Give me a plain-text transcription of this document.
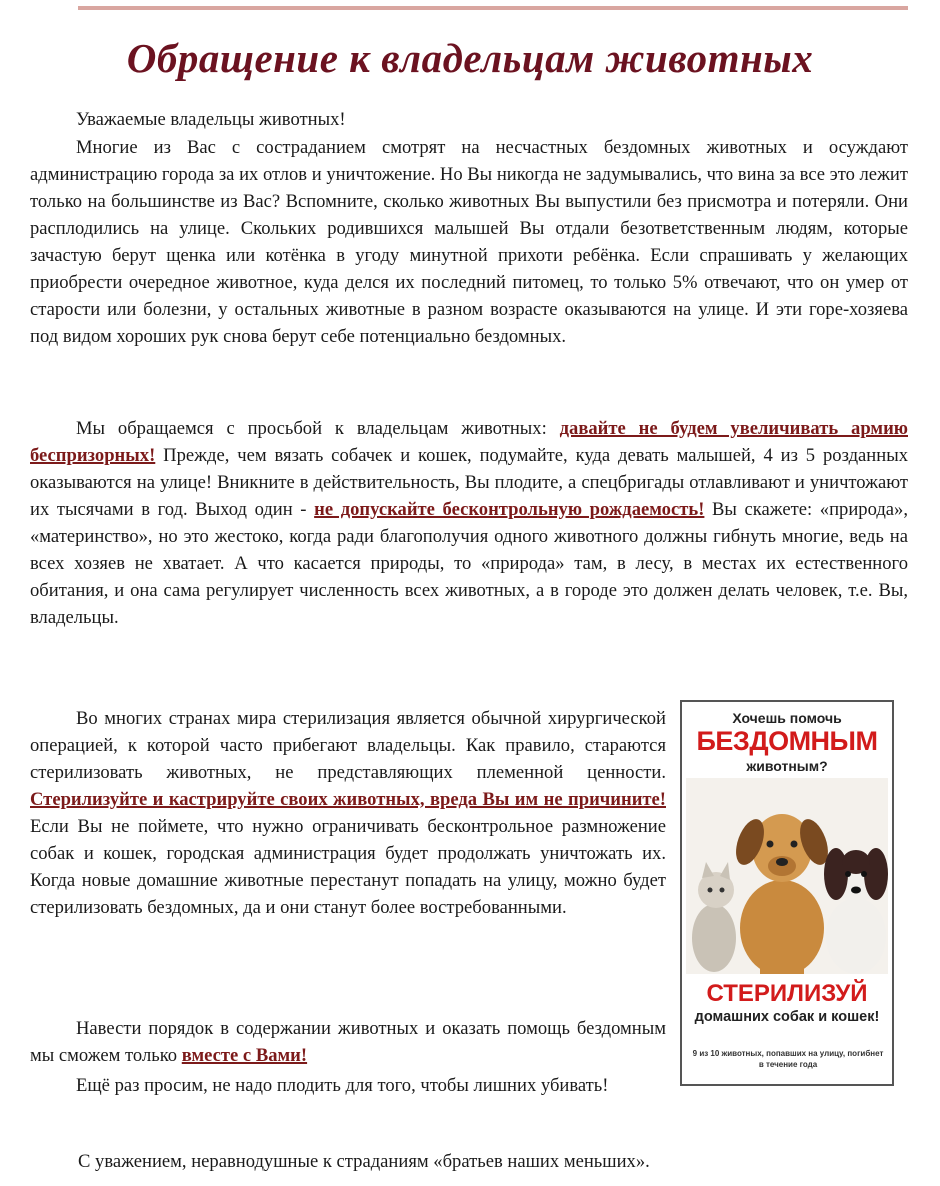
Обращение к владельцам животных

Уважаемые владельцы животных!

Многие из Вас с состраданием смотрят на несчастных бездомных животных и осуждают администрацию города за их отлов и уничтожение. Но Вы никогда не задумывались, что вина за все это лежит только на большинстве из Вас? Вспомните, сколько животных Вы выпустили без присмотра и потеряли. Они расплодились на улице. Скольких родившихся малышей Вы отдали безответственным людям, которые зачастую берут щенка или котёнка в угоду минутной прихоти ребёнка. Если спрашивать у желающих приобрести очередное животное, куда делся их последний питомец, то только 5% отвечают, что он умер от старости или болезни, у остальных животные в разном возрасте оказываются на улице. И эти горе-хозяева под видом хороших рук снова берут себе потенциально бездомных.

Мы обращаемся с просьбой к владельцам животных: давайте не будем увеличивать армию беспризорных! Прежде, чем вязать собачек и кошек, подумайте, куда девать малышей, 4 из 5 розданных оказываются на улице! Вникните в действительность, Вы плодите, а спецбригады отлавливают и уничтожают их тысячами в год. Выход один - не допускайте бесконтрольную рождаемость! Вы скажете: «природа», «материнство», но это жестоко, когда ради благополучия одного животного должны гибнуть многие, ведь на всех хозяев не хватает. А что касается природы, то «природа» там, в лесу, в местах их естественного обитания, и она сама регулирует численность всех животных, а в городе это должен делать человек, т.е. Вы, владельцы.

Во многих странах мира стерилизация является обычной хирургической операцией, к которой часто прибегают владельцы. Как правило, стараются стерилизовать животных, не представляющих племенной ценности. Стерилизуйте и кастрируйте своих животных, вреда Вы им не причините! Если Вы не поймете, что нужно ограничивать бесконтрольное размножение собак и кошек, городская администрация будет продолжать уничтожать их. Когда новые домашние животные перестанут попадать на улицу, можно будет стерилизовать бездомных, да и они станут более востребованными.

Навести порядок в содержании животных и оказать помощь бездомным мы сможем только вместе с Вами!

Ещё раз просим, не надо плодить для того, чтобы лишних убивать!

С уважением, неравнодушные к страданиям «братьев наших меньших».
Хочешь помочь
БЕЗДОМНЫМ
животным?
СТЕРИЛИЗУЙ
домашних собак и кошек!
9 из 10 животных, попавших на улицу, погибнет в течение года
